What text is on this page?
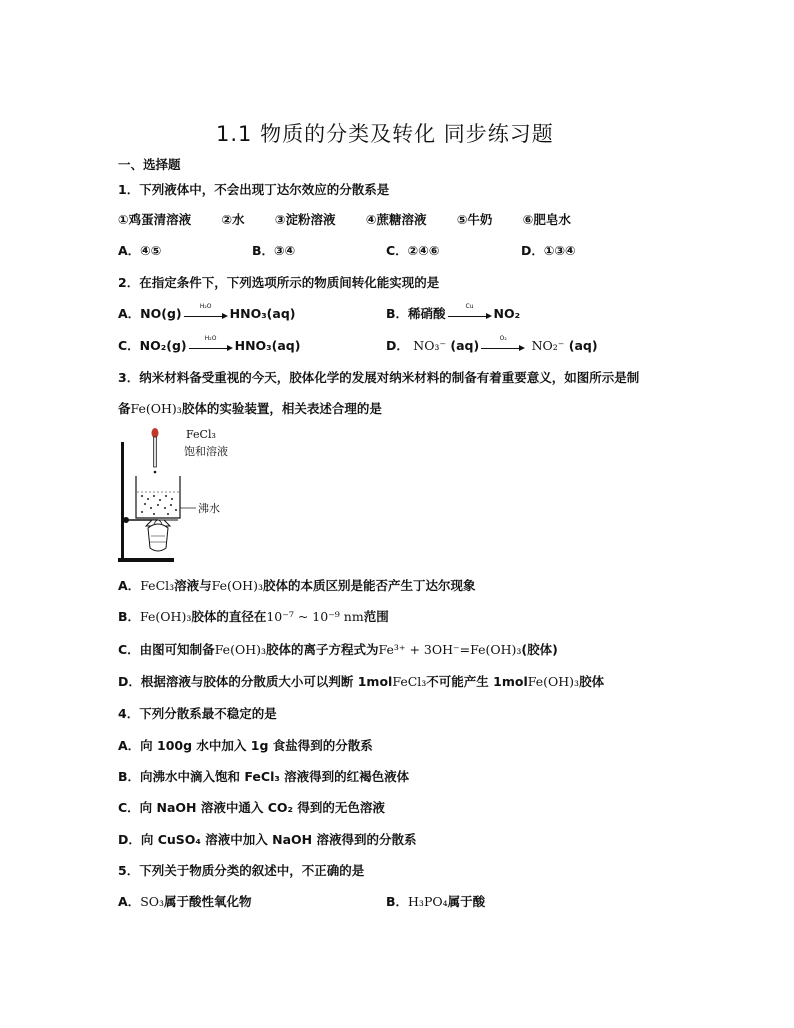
1.1 物质的分类及转化 同步练习题
一、选择题
1．下列液体中，不会出现丁达尔效应的分散系是
①鸡蛋清溶液 ②水 ③淀粉溶液 ④蔗糖溶液 ⑤牛奶 ⑥肥皂水
A．④⑤	B．③④	C．②④⑥	D．①③④
2．在指定条件下，下列选项所示的物质间转化能实现的是
A．NO(g)	H₂O	HNO₃(aq)	B．稀硝酸	Cu	NO₂
C．NO₂(g)	H₂O	HNO₃(aq)	D． NO₃⁻ (aq)	O₂	NO₂⁻ (aq)
3．纳米材料备受重视的今天，胶体化学的发展对纳米材料的制备有着重要意义，如图所示是制
备Fe(OH)₃胶体的实验装置，相关表述合理的是
FeCl₃
饱和溶液
沸水
A．FeCl₃溶液与Fe(OH)₃胶体的本质区别是能否产生丁达尔现象
B．Fe(OH)₃胶体的直径在10⁻⁷ ~ 10⁻⁹ nm范围
C．由图可知制备Fe(OH)₃胶体的离子方程式为Fe³⁺ + 3OH⁻=Fe(OH)₃(胶体)
D．根据溶液与胶体的分散质大小可以判断 1molFeCl₃不可能产生 1molFe(OH)₃胶体
4．下列分散系最不稳定的是
A．向 100g 水中加入 1g 食盐得到的分散系
B．向沸水中滴入饱和 FeCl₃ 溶液得到的红褐色液体
C．向 NaOH 溶液中通入 CO₂ 得到的无色溶液
D．向 CuSO₄ 溶液中加入 NaOH 溶液得到的分散系
5．下列关于物质分类的叙述中，不正确的是
A．SO₃属于酸性氧化物	B．H₃PO₄属于酸
